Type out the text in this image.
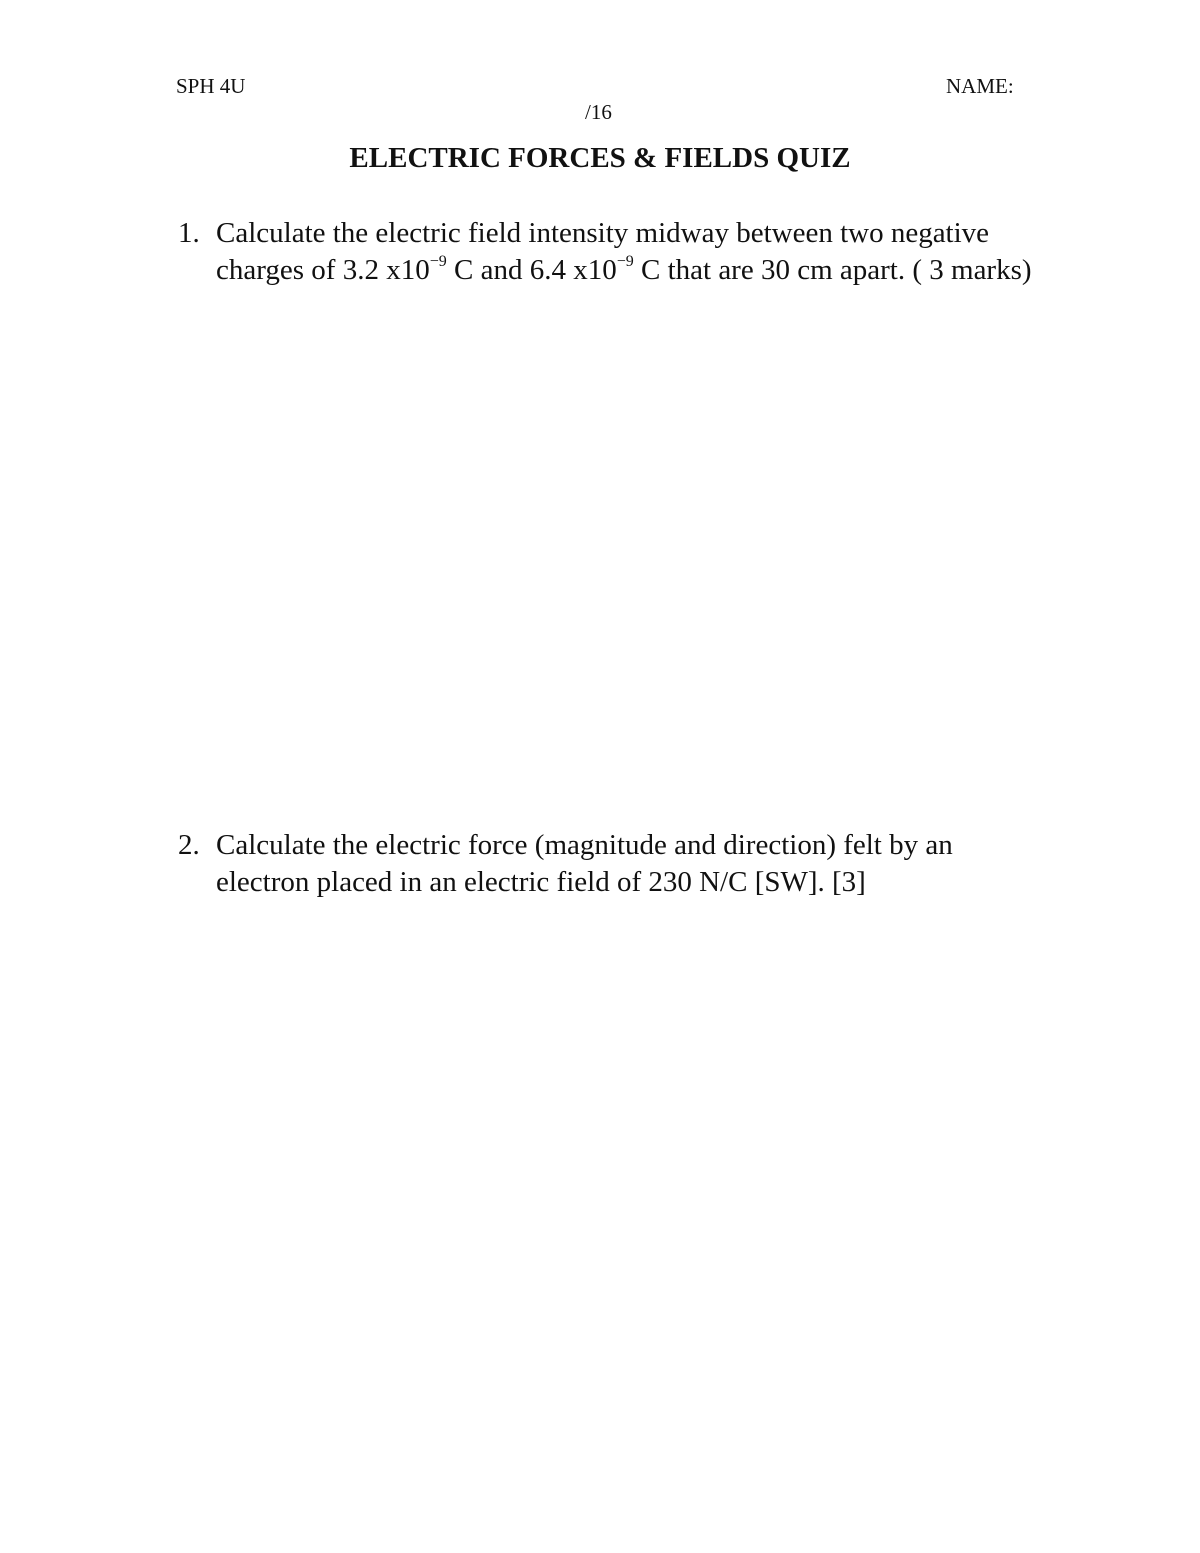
SPH 4U	NAME:
/16
ELECTRIC FORCES & FIELDS QUIZ
1. Calculate the electric field intensity midway between two negative charges of 3.2 $x10^{-9}$ C and 6.4 $x10^{-9}$ C that are 30 cm apart. ( 3 marks)
2. Calculate the electric force (magnitude and direction) felt by an electron placed in an electric field of 230 N/C [SW]. [3]
